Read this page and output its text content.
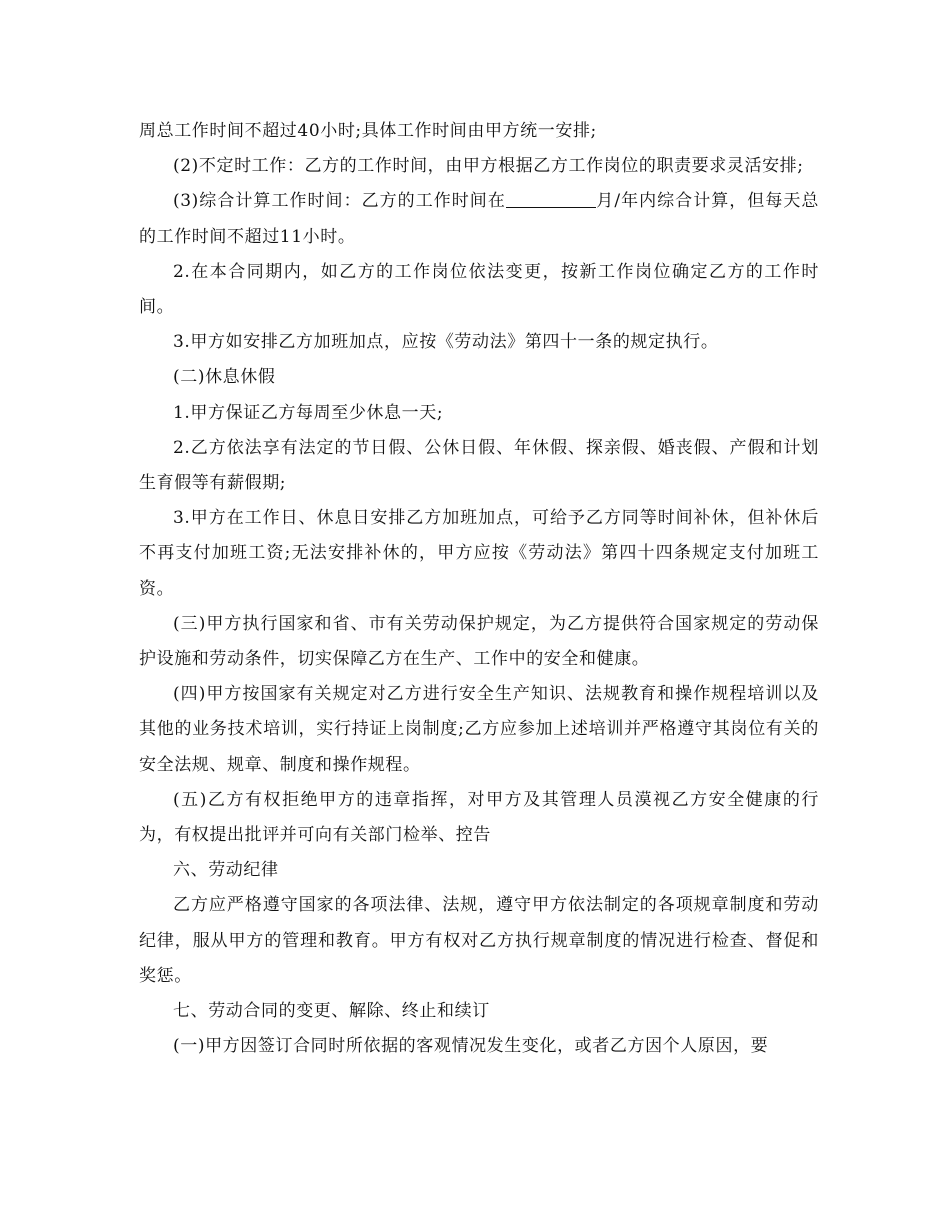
周总工作时间不超过40小时;具体工作时间由甲方统一安排;

(2)不定时工作：乙方的工作时间，由甲方根据乙方工作岗位的职责要求灵活安排;

(3)综合计算工作时间：乙方的工作时间在	月/年内综合计算，但每天总的工作时间不超过11小时。

2.在本合同期内，如乙方的工作岗位依法变更，按新工作岗位确定乙方的工作时间。

3.甲方如安排乙方加班加点，应按《劳动法》第四十一条的规定执行。

(二)休息休假

1.甲方保证乙方每周至少休息一天;

2.乙方依法享有法定的节日假、公休日假、年休假、探亲假、婚丧假、产假和计划生育假等有薪假期;

3.甲方在工作日、休息日安排乙方加班加点，可给予乙方同等时间补休，但补休后不再支付加班工资;无法安排补休的，甲方应按《劳动法》第四十四条规定支付加班工资。

(三)甲方执行国家和省、市有关劳动保护规定，为乙方提供符合国家规定的劳动保护设施和劳动条件，切实保障乙方在生产、工作中的安全和健康。

(四)甲方按国家有关规定对乙方进行安全生产知识、法规教育和操作规程培训以及其他的业务技术培训，实行持证上岗制度;乙方应参加上述培训并严格遵守其岗位有关的安全法规、规章、制度和操作规程。

(五)乙方有权拒绝甲方的违章指挥，对甲方及其管理人员漠视乙方安全健康的行为，有权提出批评并可向有关部门检举、控告

六、劳动纪律

乙方应严格遵守国家的各项法律、法规，遵守甲方依法制定的各项规章制度和劳动纪律，服从甲方的管理和教育。甲方有权对乙方执行规章制度的情况进行检查、督促和奖惩。

七、劳动合同的变更、解除、终止和续订

(一)甲方因签订合同时所依据的客观情况发生变化，或者乙方因个人原因，要
